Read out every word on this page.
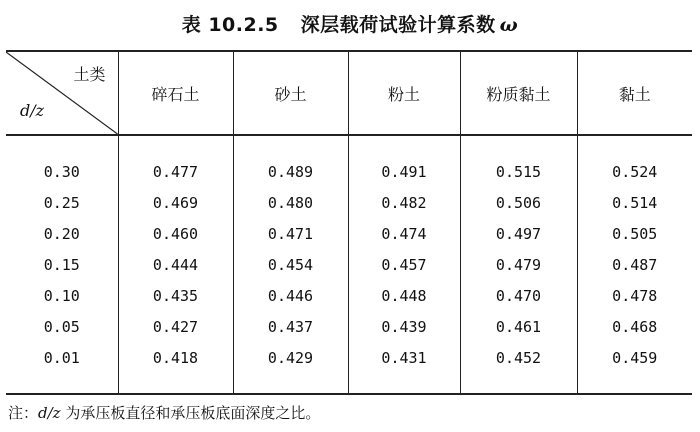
表 10.2.5 深层载荷试验计算系数 ω
土类
d/z	碎石土	砂土	粉土	粉质黏土	黏土

0.30	0.477	0.489	0.491	0.515	0.524
0.25	0.469	0.480	0.482	0.506	0.514
0.20	0.460	0.471	0.474	0.497	0.505
0.15	0.444	0.454	0.457	0.479	0.487
0.10	0.435	0.446	0.448	0.470	0.478
0.05	0.427	0.437	0.439	0.461	0.468
0.01	0.418	0.429	0.431	0.452	0.459

注：d/z 为承压板直径和承压板底面深度之比。
